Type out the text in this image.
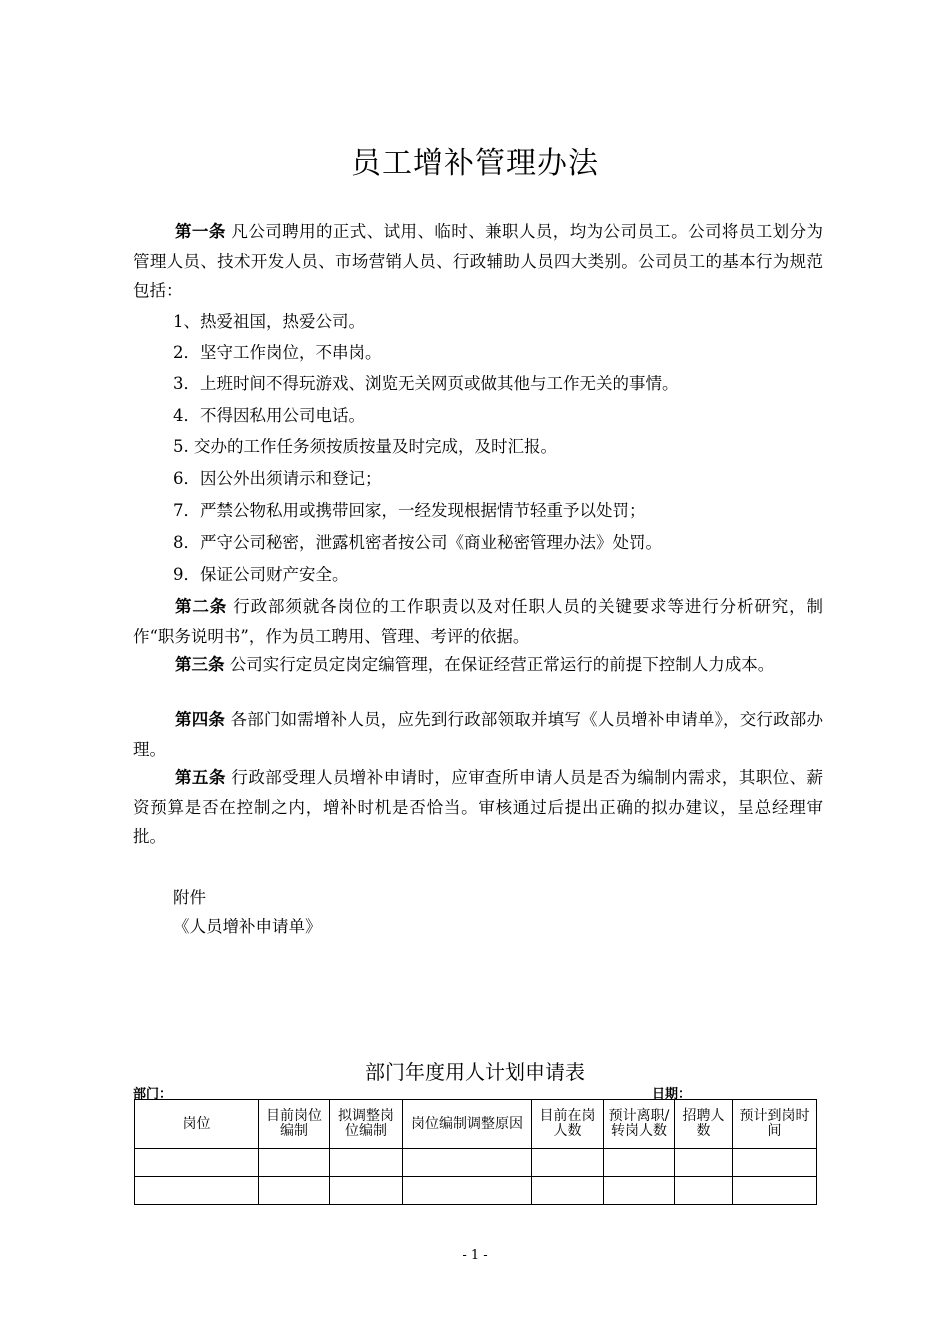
员工增补管理办法

第一条 凡公司聘用的正式、试用、临时、兼职人员，均为公司员工。公司将员工划分为管理人员、技术开发人员、市场营销人员、行政辅助人员四大类别。公司员工的基本行为规范包括：

1、热爱祖国，热爱公司。
2．坚守工作岗位，不串岗。
3．上班时间不得玩游戏、浏览无关网页或做其他与工作无关的事情。
4．不得因私用公司电话。
5. 交办的工作任务须按质按量及时完成，及时汇报。
6．因公外出须请示和登记；
7．严禁公物私用或携带回家，一经发现根据情节轻重予以处罚；
8．严守公司秘密，泄露机密者按公司《商业秘密管理办法》处罚。
9．保证公司财产安全。

第二条 行政部须就各岗位的工作职责以及对任职人员的关键要求等进行分析研究，制作“职务说明书”，作为员工聘用、管理、考评的依据。

第三条 公司实行定员定岗定编管理，在保证经营正常运行的前提下控制人力成本。

第四条 各部门如需增补人员，应先到行政部领取并填写《人员增补申请单》，交行政部办理。

第五条 行政部受理人员增补申请时，应审查所申请人员是否为编制内需求，其职位、薪资预算是否在控制之内，增补时机是否恰当。审核通过后提出正确的拟办建议，呈总经理审批。

附件
《人员增补申请单》
部门年度用人计划申请表
部门：	日期：
岗位	目前岗位编制	拟调整岗位编制	岗位编制调整原因	目前在岗人数	预计离职/转岗人数	招聘人数	预计到岗时间

- 1 -
